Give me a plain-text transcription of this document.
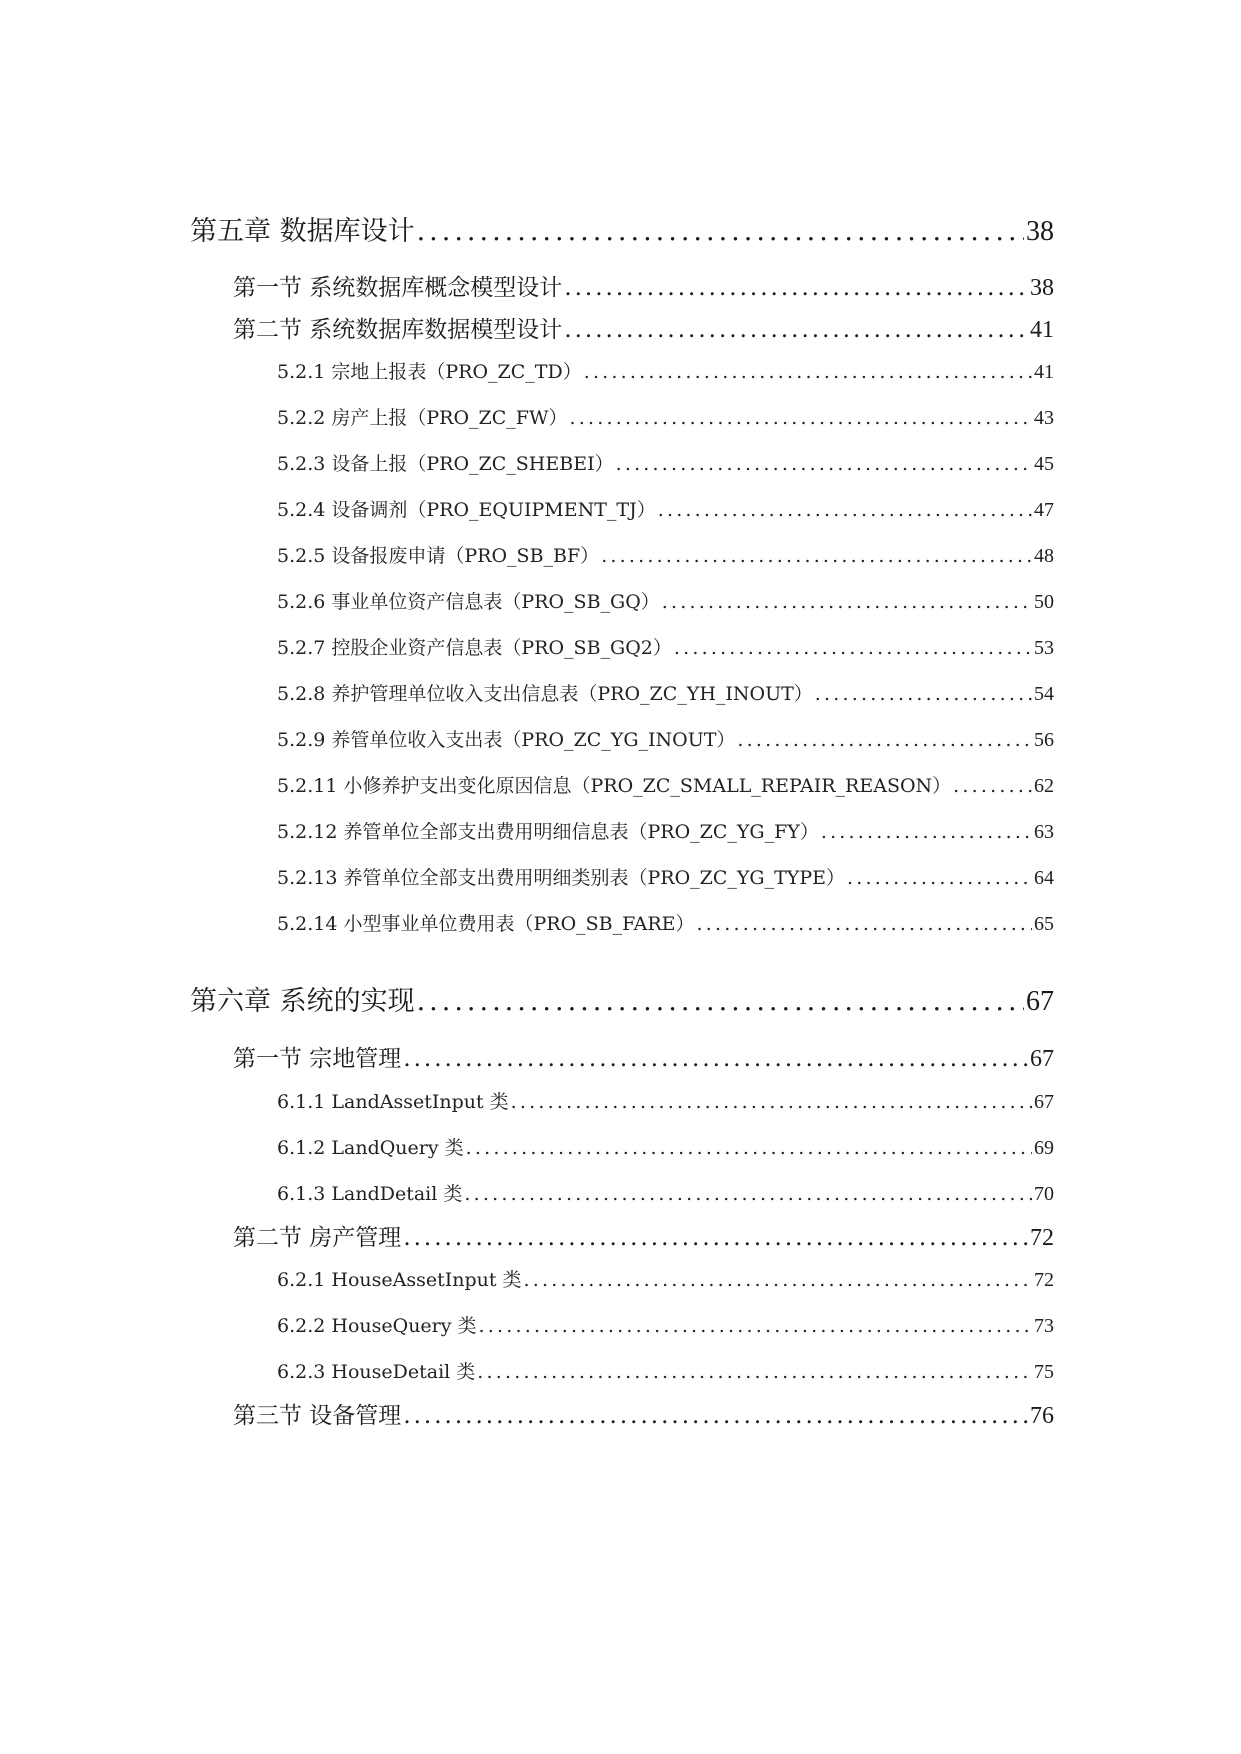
第五章 数据库设计 .....	38
第一节 系统数据库概念模型设计 .....	38
第二节 系统数据库数据模型设计 .....	41
5.2.1 宗地上报表（PRO_ZC_TD） .....	41
5.2.2 房产上报（PRO_ZC_FW） .....	43
5.2.3 设备上报（PRO_ZC_SHEBEI） .....	45
5.2.4 设备调剂（PRO_EQUIPMENT_TJ） .....	47
5.2.5 设备报废申请（PRO_SB_BF） .....	48
5.2.6 事业单位资产信息表（PRO_SB_GQ） .....	50
5.2.7 控股企业资产信息表（PRO_SB_GQ2） .....	53
5.2.8 养护管理单位收入支出信息表（PRO_ZC_YH_INOUT） .....	54
5.2.9 养管单位收入支出表（PRO_ZC_YG_INOUT） .....	56
5.2.11 小修养护支出变化原因信息（PRO_ZC_SMALL_REPAIR_REASON） .....	62
5.2.12 养管单位全部支出费用明细信息表（PRO_ZC_YG_FY） .....	63
5.2.13 养管单位全部支出费用明细类别表（PRO_ZC_YG_TYPE） .....	64
5.2.14 小型事业单位费用表（PRO_SB_FARE） .....	65
第六章 系统的实现 .....	67
第一节 宗地管理 .....	67
6.1.1 LandAssetInput 类 .....	67
6.1.2 LandQuery 类 .....	69
6.1.3 LandDetail 类 .....	70
第二节 房产管理 .....	72
6.2.1 HouseAssetInput 类 .....	72
6.2.2 HouseQuery 类 .....	73
6.2.3 HouseDetail 类 .....	75
第三节 设备管理 .....	76
